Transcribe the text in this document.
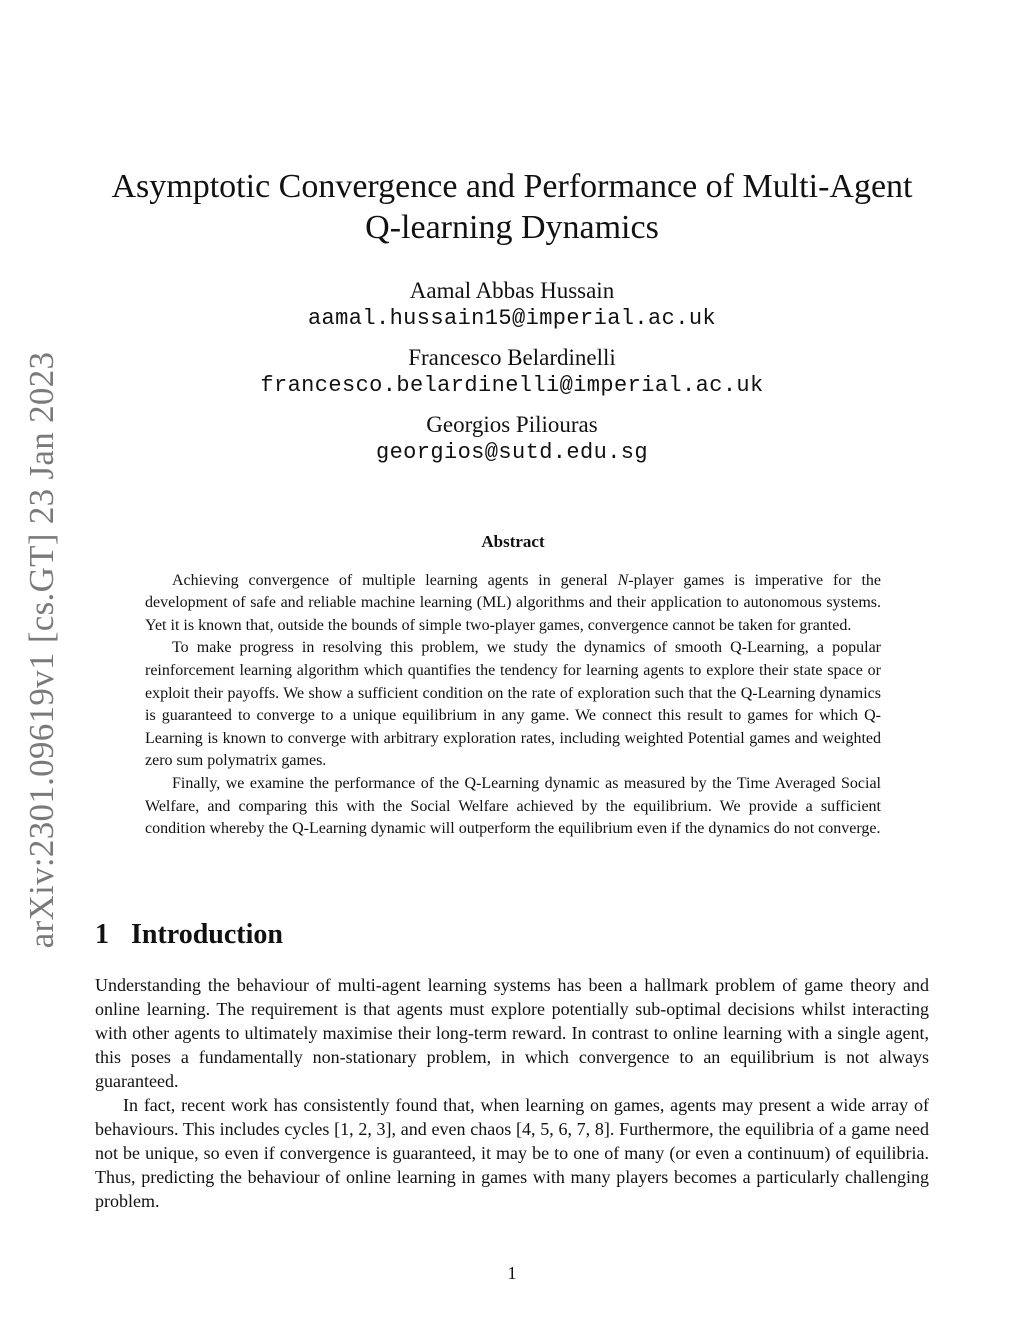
arXiv:2301.09619v1 [cs.GT] 23 Jan 2023
Asymptotic Convergence and Performance of Multi-Agent
Q-learning Dynamics
Aamal Abbas Hussain
aamal.hussain15@imperial.ac.uk
Francesco Belardinelli
francesco.belardinelli@imperial.ac.uk
Georgios Piliouras
georgios@sutd.edu.sg
Abstract

Achieving convergence of multiple learning agents in general N-player games is imperative for the development of safe and reliable machine learning (ML) algorithms and their application to autonomous systems. Yet it is known that, outside the bounds of simple two-player games, convergence cannot be taken for granted.

To make progress in resolving this problem, we study the dynamics of smooth Q-Learning, a popular reinforcement learning algorithm which quantifies the tendency for learning agents to explore their state space or exploit their payoffs. We show a sufficient condition on the rate of exploration such that the Q-Learning dynamics is guaranteed to converge to a unique equilibrium in any game. We connect this result to games for which Q-Learning is known to converge with arbitrary exploration rates, including weighted Potential games and weighted zero sum polymatrix games.

Finally, we examine the performance of the Q-Learning dynamic as measured by the Time Averaged Social Welfare, and comparing this with the Social Welfare achieved by the equilibrium. We provide a sufficient condition whereby the Q-Learning dynamic will outperform the equilibrium even if the dynamics do not converge.

1 Introduction

Understanding the behaviour of multi-agent learning systems has been a hallmark problem of game theory and online learning. The requirement is that agents must explore potentially sub-optimal decisions whilst interacting with other agents to ultimately maximise their long-term reward. In contrast to online learning with a single agent, this poses a fundamentally non-stationary problem, in which convergence to an equilibrium is not always guaranteed.

In fact, recent work has consistently found that, when learning on games, agents may present a wide array of behaviours. This includes cycles [1, 2, 3], and even chaos [4, 5, 6, 7, 8]. Furthermore, the equilibria of a game need not be unique, so even if convergence is guaranteed, it may be to one of many (or even a continuum) of equilibria. Thus, predicting the behaviour of online learning in games with many players becomes a particularly challenging problem.

1
